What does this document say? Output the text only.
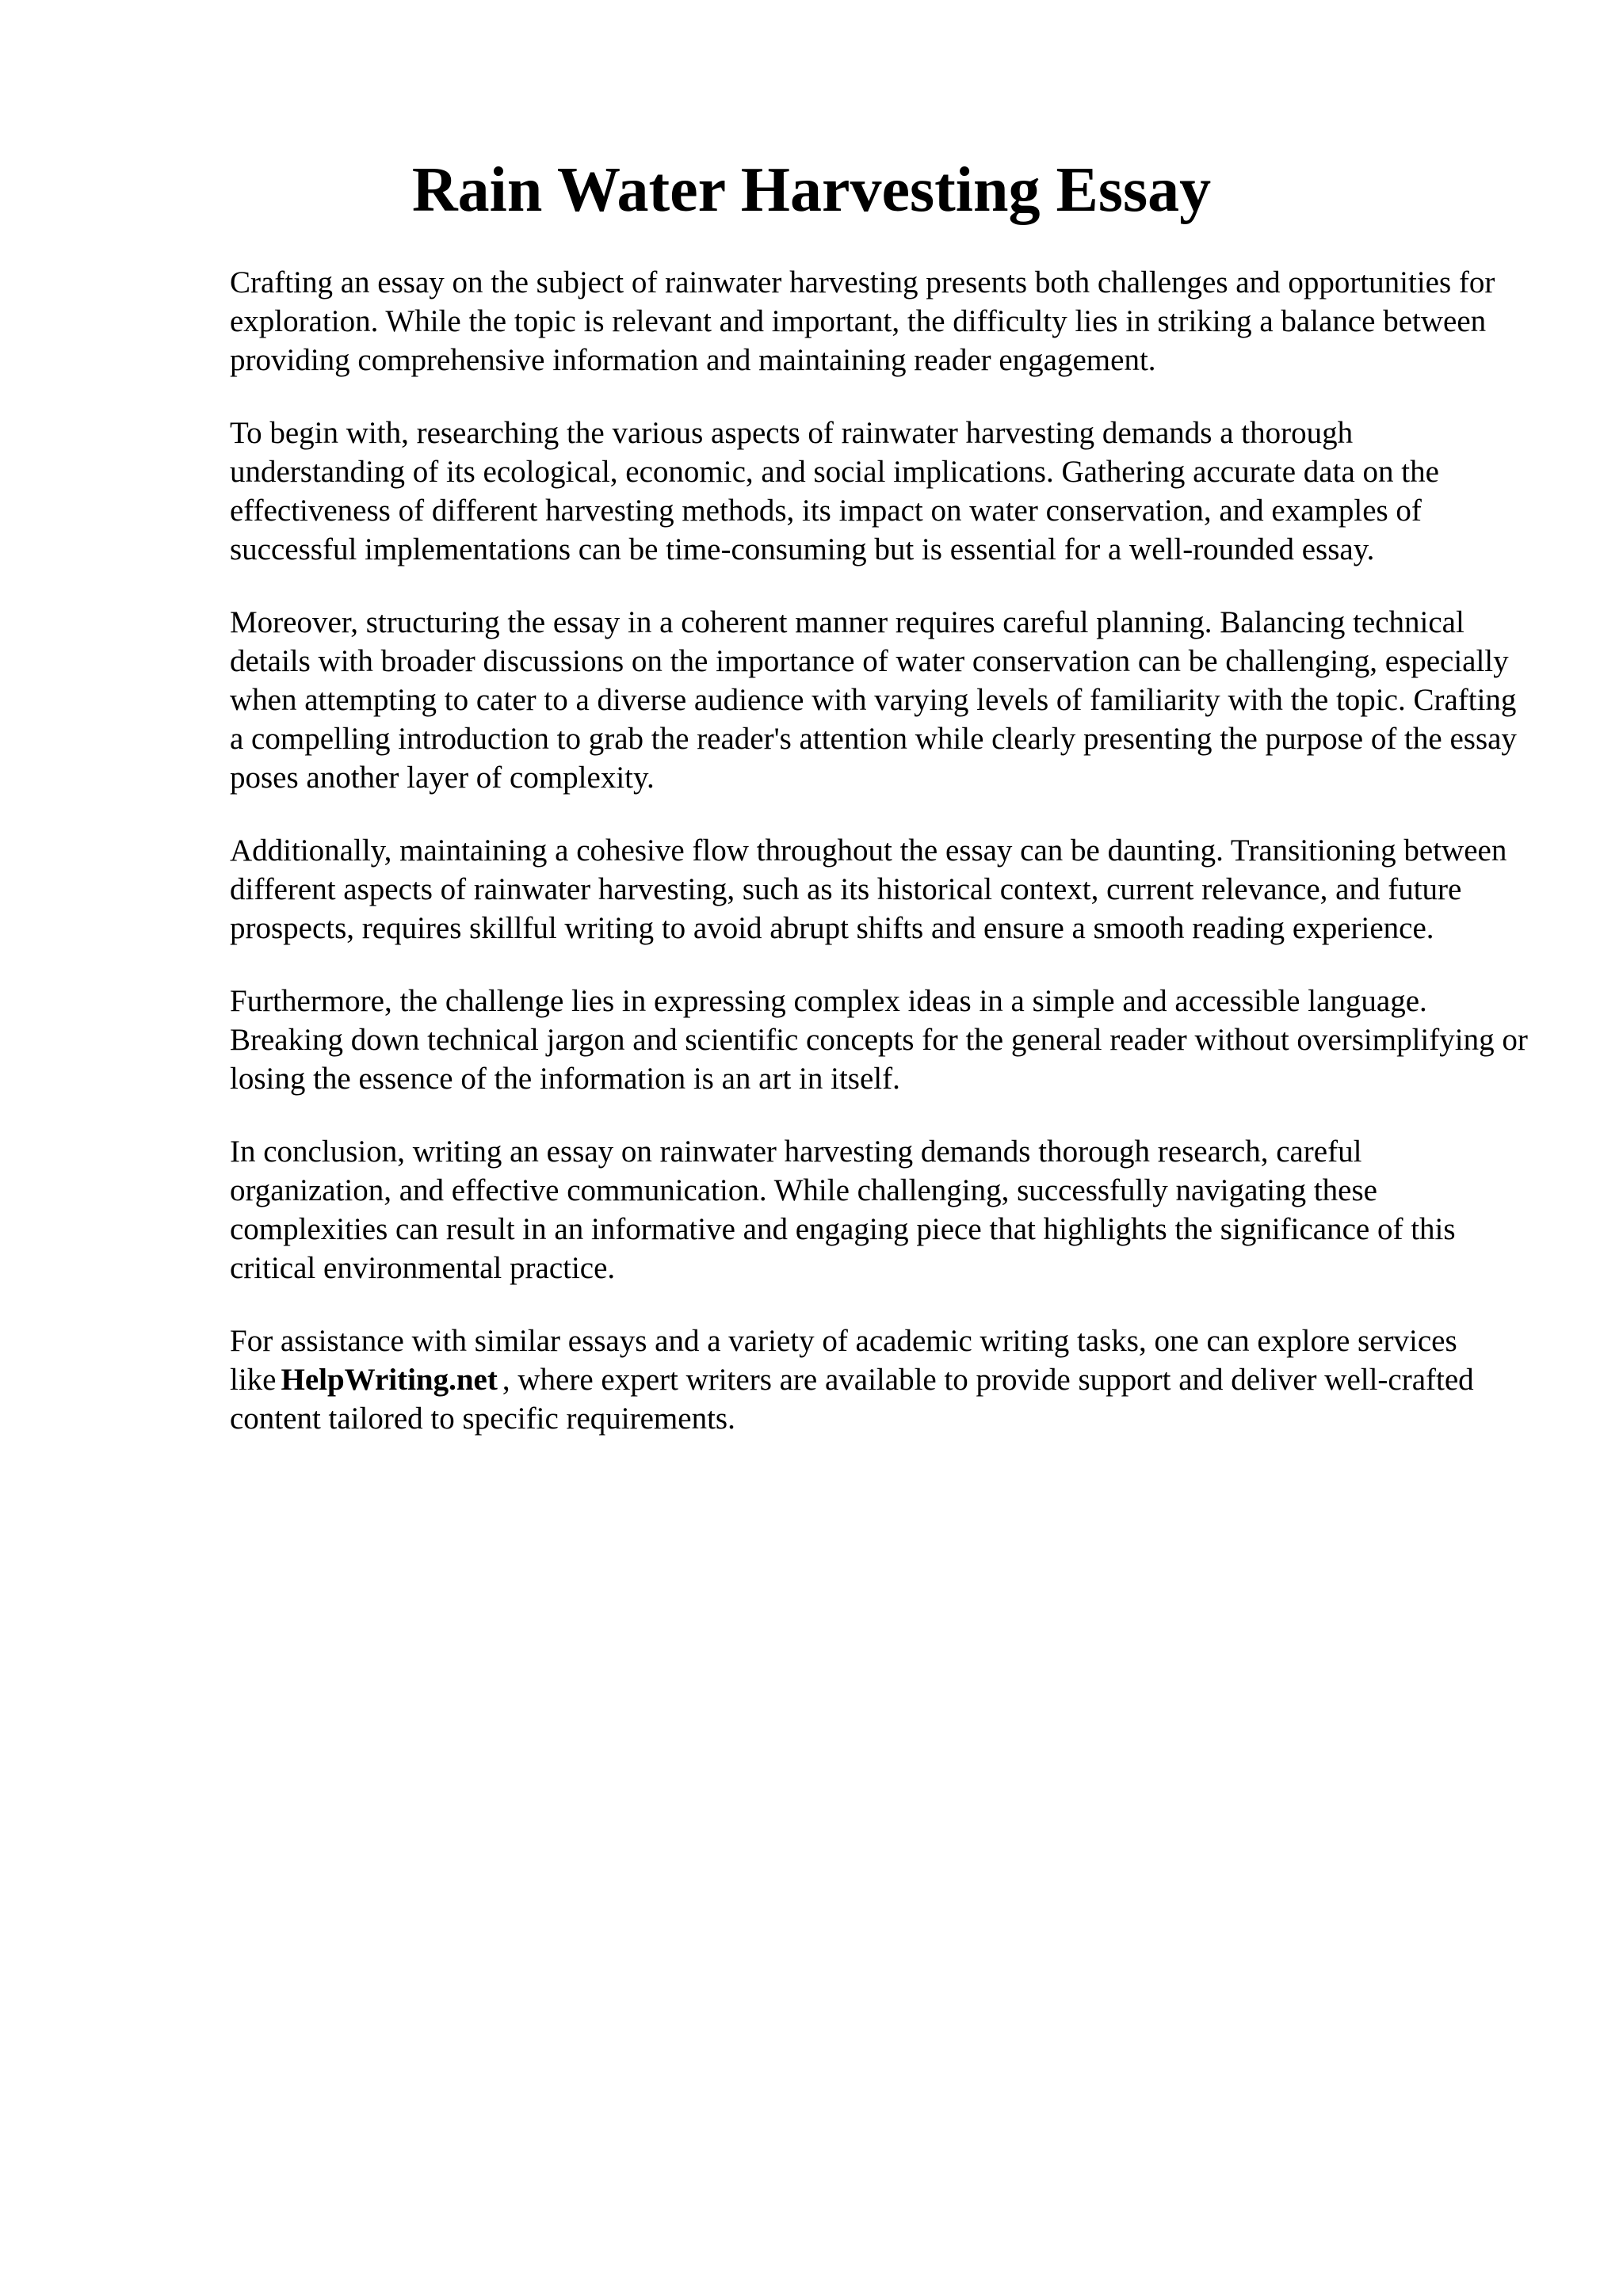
Rain Water Harvesting Essay

Crafting an essay on the subject of rainwater harvesting presents both challenges and opportunities for exploration. While the topic is relevant and important, the difficulty lies in striking a balance between providing comprehensive information and maintaining reader engagement.

To begin with, researching the various aspects of rainwater harvesting demands a thorough understanding of its ecological, economic, and social implications. Gathering accurate data on the effectiveness of different harvesting methods, its impact on water conservation, and examples of successful implementations can be time-consuming but is essential for a well-rounded essay.

Moreover, structuring the essay in a coherent manner requires careful planning. Balancing technical details with broader discussions on the importance of water conservation can be challenging, especially when attempting to cater to a diverse audience with varying levels of familiarity with the topic. Crafting a compelling introduction to grab the reader's attention while clearly presenting the purpose of the essay poses another layer of complexity.

Additionally, maintaining a cohesive flow throughout the essay can be daunting. Transitioning between different aspects of rainwater harvesting, such as its historical context, current relevance, and future prospects, requires skillful writing to avoid abrupt shifts and ensure a smooth reading experience.

Furthermore, the challenge lies in expressing complex ideas in a simple and accessible language. Breaking down technical jargon and scientific concepts for the general reader without oversimplifying or losing the essence of the information is an art in itself.

In conclusion, writing an essay on rainwater harvesting demands thorough research, careful organization, and effective communication. While challenging, successfully navigating these complexities can result in an informative and engaging piece that highlights the significance of this critical environmental practice.

For assistance with similar essays and a variety of academic writing tasks, one can explore services like HelpWriting.net , where expert writers are available to provide support and deliver well-crafted content tailored to specific requirements.
